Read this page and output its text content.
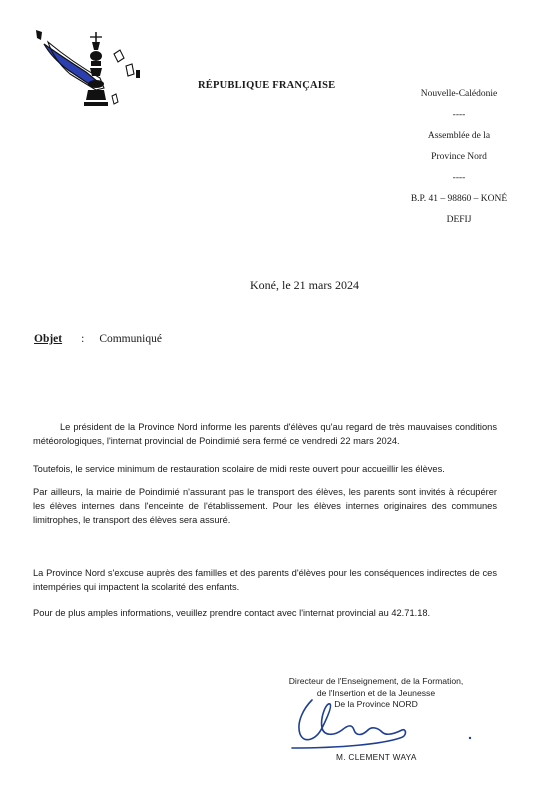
RÉPUBLIQUE FRANÇAISE
Nouvelle-Calédonie
----
Assemblée de la
Province Nord
----
B.P. 41 – 98860 – KONÉ
DEFIJ
Koné, le 21 mars 2024
Objet : Communiqué

Le président de la Province Nord informe les parents d'élèves qu'au regard de très mauvaises conditions météorologiques, l'internat provincial de Poindimié sera fermé ce vendredi 22 mars 2024.

Toutefois, le service minimum de restauration scolaire de midi reste ouvert pour accueillir les élèves.

Par ailleurs, la mairie de Poindimié n'assurant pas le transport des élèves, les parents sont invités à récupérer les élèves internes dans l'enceinte de l'établissement. Pour les élèves internes originaires des communes limitrophes, le transport des élèves sera assuré.

La Province Nord s'excuse auprès des familles et des parents d'élèves pour les conséquences indirectes de ces intempéries qui impactent la scolarité des enfants.

Pour de plus amples informations, veuillez prendre contact avec l'internat provincial au 42.71.18.

Directeur de l'Enseignement, de la Formation,
de l'Insertion et de la Jeunesse
De la Province NORD
M. CLEMENT WAYA
